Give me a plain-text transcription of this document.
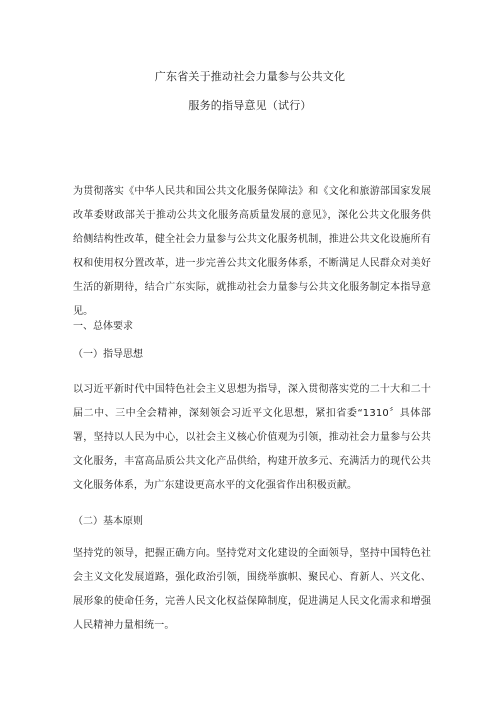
广东省关于推动社会力量参与公共文化
服务的指导意见（试行）
为贯彻落实《中华人民共和国公共文化服务保障法》和《文化和旅游部国家发展改革委财政部关于推动公共文化服务高质量发展的意见》，深化公共文化服务供给侧结构性改革，健全社会力量参与公共文化服务机制，推进公共文化设施所有权和使用权分置改革，进一步完善公共文化服务体系，不断满足人民群众对美好生活的新期待，结合广东实际，就推动社会力量参与公共文化服务制定本指导意见。
一、总体要求
（一）指导思想
以习近平新时代中国特色社会主义思想为指导，深入贯彻落实党的二十大和二十届二中、三中全会精神，深刻领会习近平文化思想，紧扣省委“1310〞具体部署，坚持以人民为中心，以社会主义核心价值观为引领，推动社会力量参与公共文化服务，丰富高品质公共文化产品供给，构建开放多元、充满活力的现代公共文化服务体系，为广东建设更高水平的文化强省作出积极贡献。
（二）基本原则
坚持党的领导，把握正确方向。坚持党对文化建设的全面领导，坚持中国特色社会主义文化发展道路，强化政治引领，围绕举旗帜、聚民心、育新人、兴文化、展形象的使命任务，完善人民文化权益保障制度，促进满足人民文化需求和增强人民精神力量相统一。
